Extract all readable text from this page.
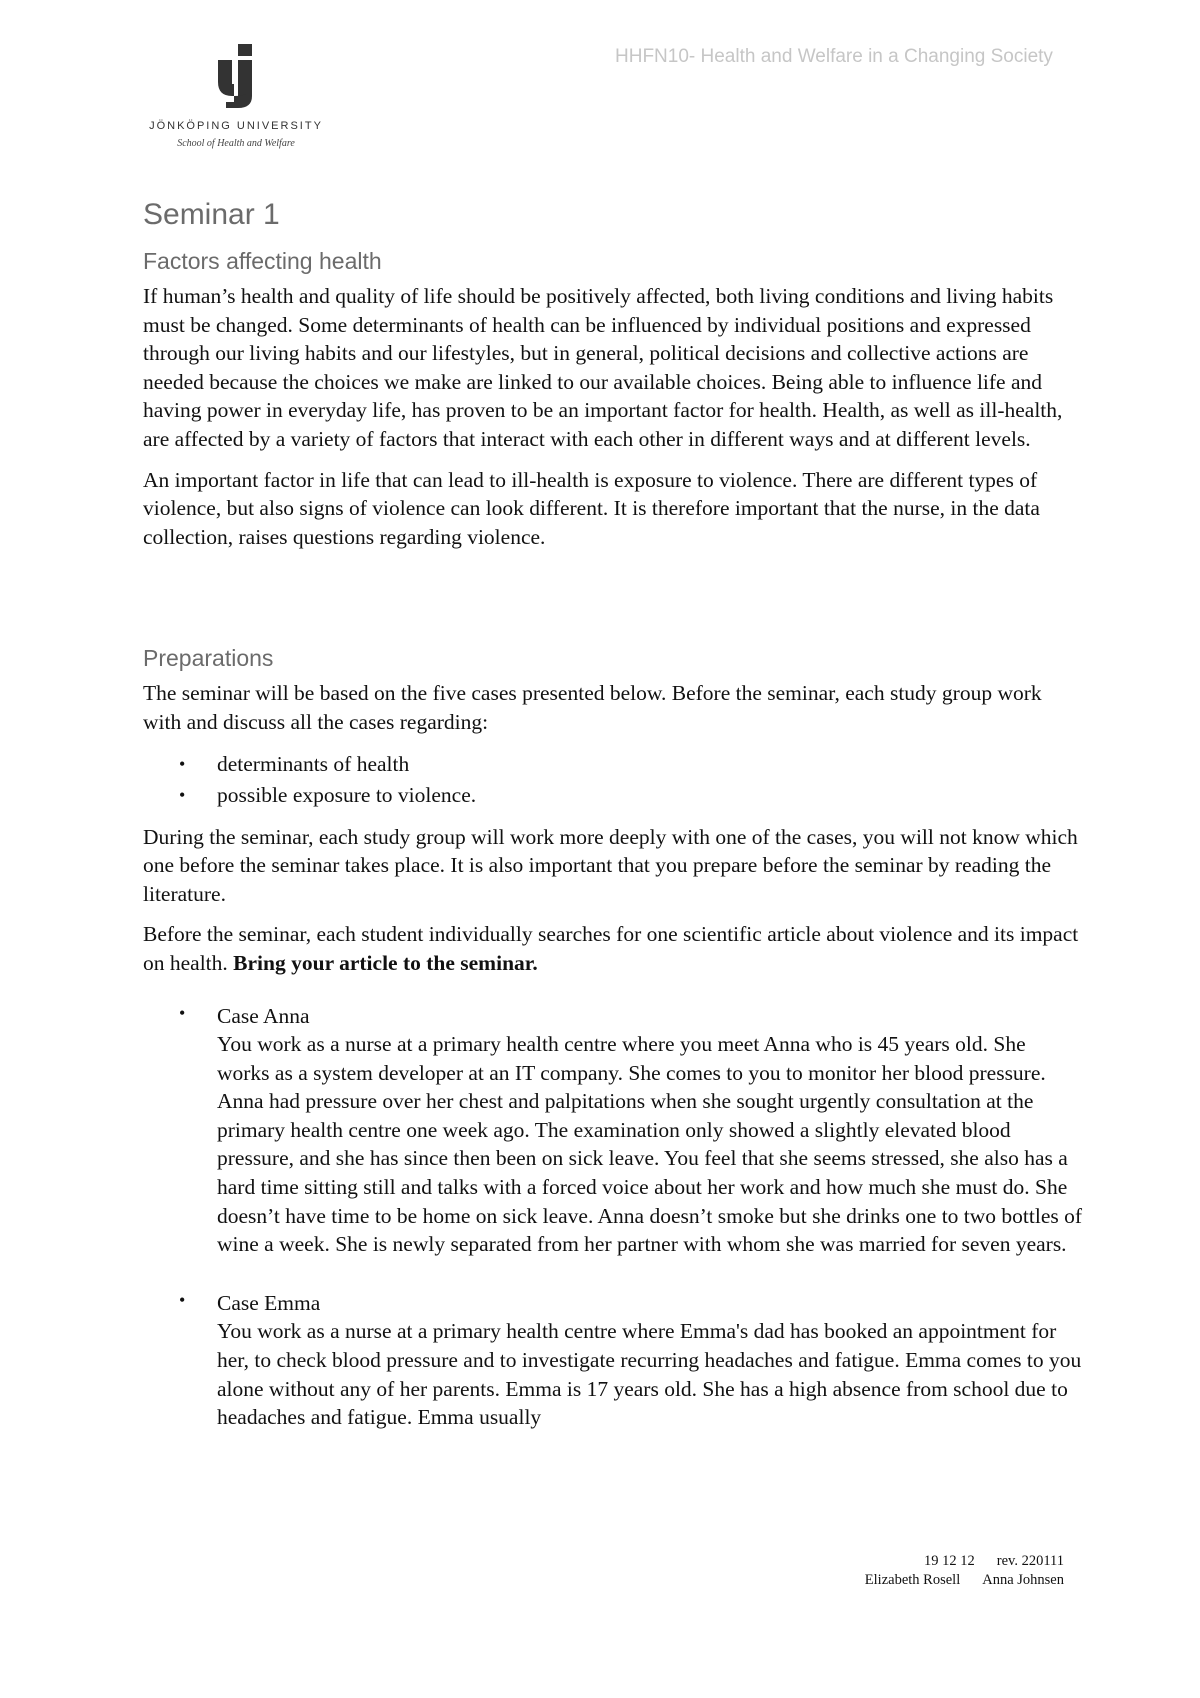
JÖNKÖPING UNIVERSITY
School of Health and Welfare
HHFN10- Health and Welfare in a Changing Society
Seminar 1
Factors affecting health

If human’s health and quality of life should be positively affected, both living conditions and living habits must be changed. Some determinants of health can be influenced by individual positions and expressed through our living habits and our lifestyles, but in general, political decisions and collective actions are needed because the choices we make are linked to our available choices. Being able to influence life and having power in everyday life, has proven to be an important factor for health. Health, as well as ill-health, are affected by a variety of factors that interact with each other in different ways and at different levels.

An important factor in life that can lead to ill-health is exposure to violence. There are different types of violence, but also signs of violence can look different. It is therefore important that the nurse, in the data collection, raises questions regarding violence.

Preparations

The seminar will be based on the five cases presented below. Before the seminar, each study group work with and discuss all the cases regarding:

• determinants of health
• possible exposure to violence.

During the seminar, each study group will work more deeply with one of the cases, you will not know which one before the seminar takes place. It is also important that you prepare before the seminar by reading the literature.

Before the seminar, each student individually searches for one scientific article about violence and its impact on health. Bring your article to the seminar.

• Case Anna
You work as a nurse at a primary health centre where you meet Anna who is 45 years old. She works as a system developer at an IT company. She comes to you to monitor her blood pressure. Anna had pressure over her chest and palpitations when she sought urgently consultation at the primary health centre one week ago. The examination only showed a slightly elevated blood pressure, and she has since then been on sick leave. You feel that she seems stressed, she also has a hard time sitting still and talks with a forced voice about her work and how much she must do. She doesn’t have time to be home on sick leave. Anna doesn’t smoke but she drinks one to two bottles of wine a week. She is newly separated from her partner with whom she was married for seven years.
• Case Emma
You work as a nurse at a primary health centre where Emma's dad has booked an appointment for her, to check blood pressure and to investigate recurring headaches and fatigue. Emma comes to you alone without any of her parents. Emma is 17 years old. She has a high absence from school due to headaches and fatigue. Emma usually
19 12 12 rev. 220111
Elizabeth Rosell Anna Johnsen
